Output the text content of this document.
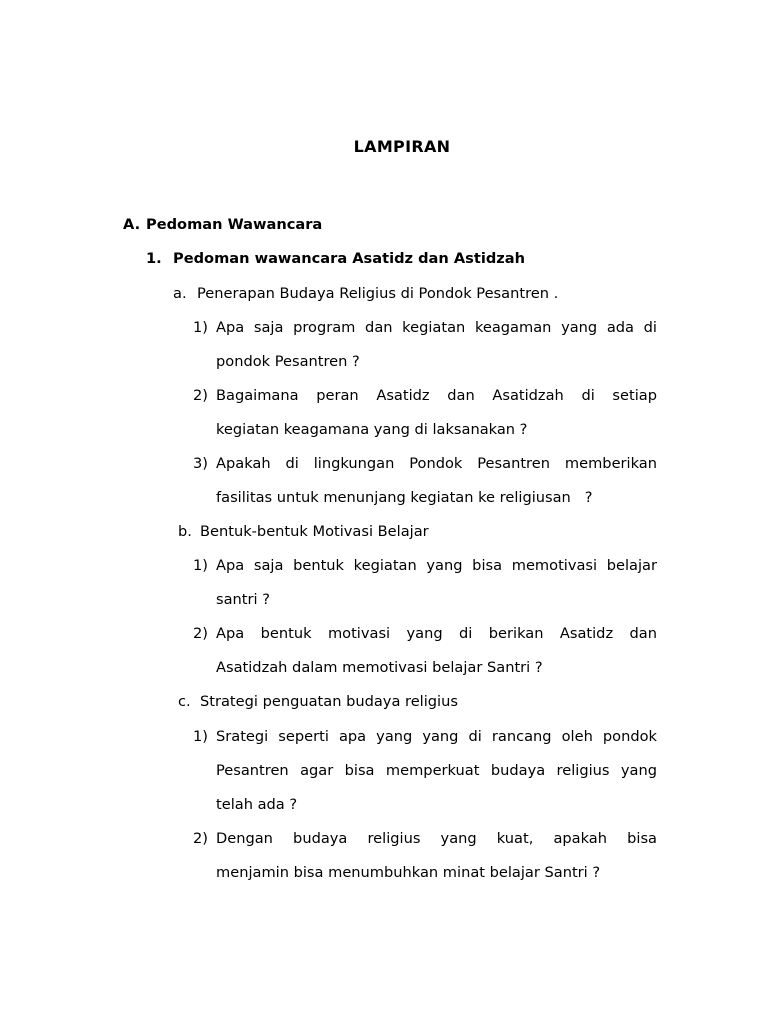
LAMPIRAN
A. Pedoman Wawancara
1. Pedoman wawancara Asatidz dan Astidzah
a. Penerapan Budaya Religius di Pondok Pesantren .
1) Apa saja program dan kegiatan keagaman yang ada di
pondok Pesantren ?
2) Bagaimana peran Asatidz dan Asatidzah di setiap
kegiatan keagamana yang di laksanakan ?
3) Apakah di lingkungan Pondok Pesantren memberikan
fasilitas untuk menunjang kegiatan ke religiusan   ?
b. Bentuk-bentuk Motivasi Belajar
1) Apa saja bentuk kegiatan yang bisa memotivasi belajar
santri ?
2) Apa bentuk motivasi yang di berikan Asatidz dan
Asatidzah dalam memotivasi belajar Santri ?
c. Strategi penguatan budaya religius
1) Srategi seperti apa yang yang di rancang oleh pondok
Pesantren agar bisa memperkuat budaya religius yang
telah ada ?
2) Dengan budaya religius yang kuat, apakah bisa
menjamin bisa menumbuhkan minat belajar Santri ?
